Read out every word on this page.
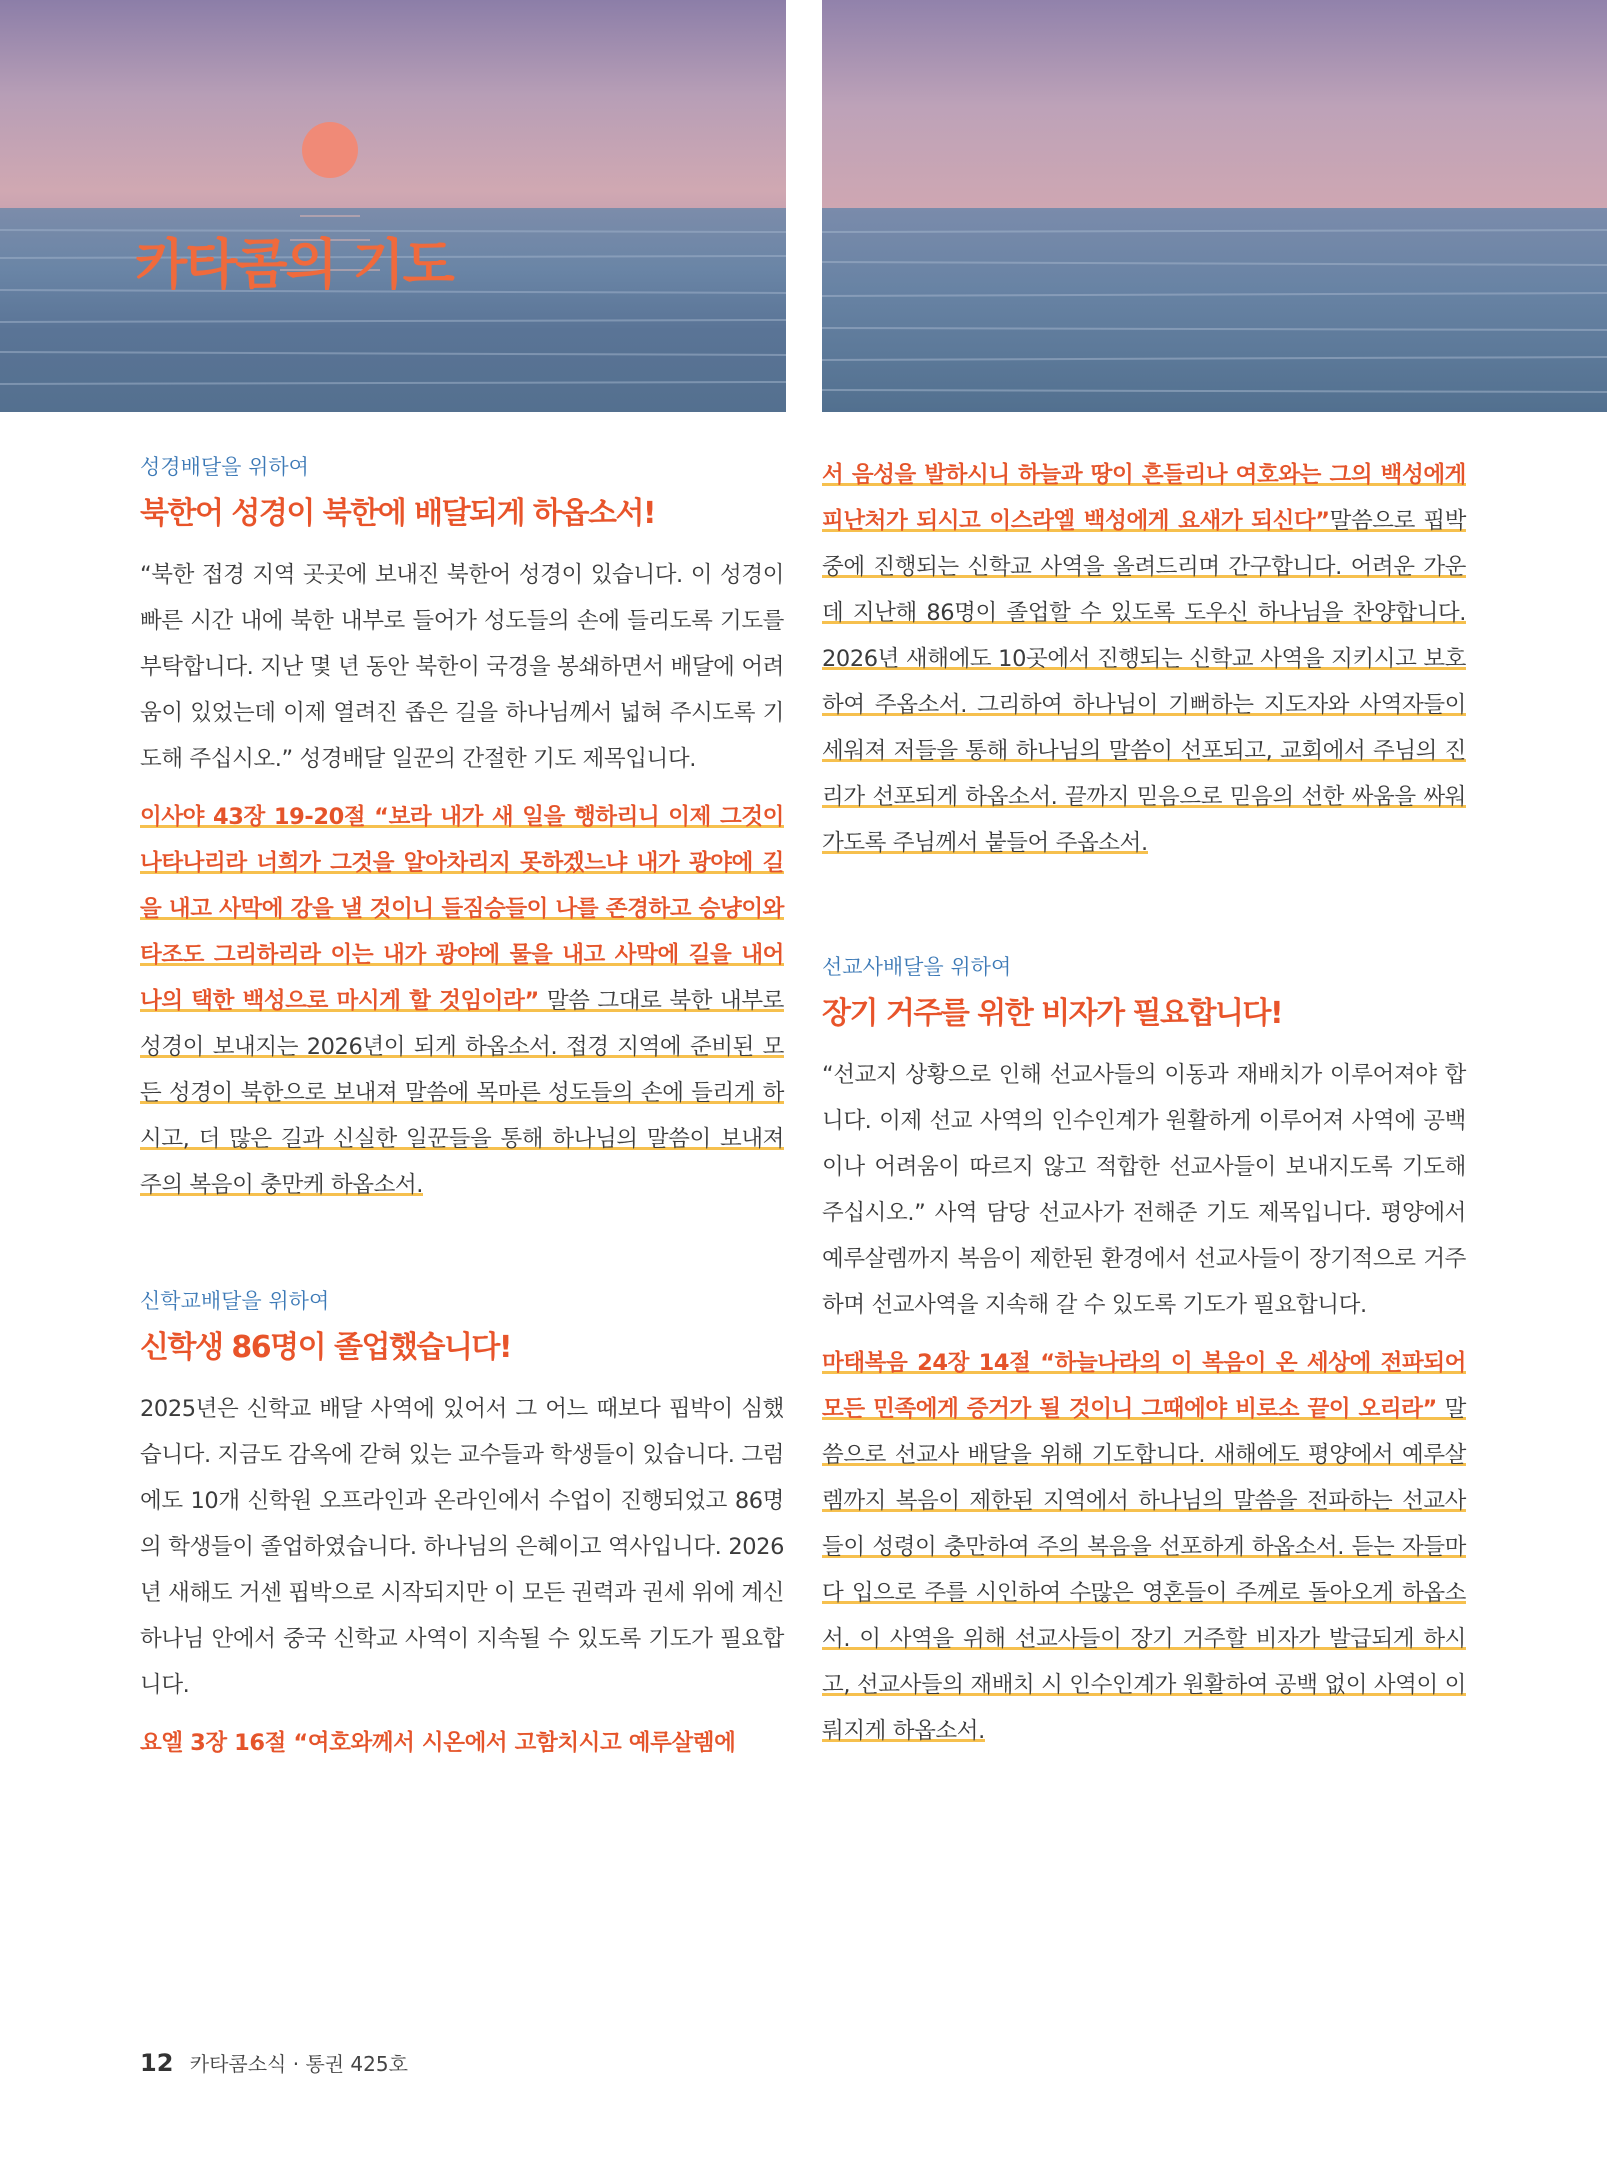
카타콤의 기도

성경배달을 위하여

북한어 성경이 북한에 배달되게 하옵소서!

“북한 접경 지역 곳곳에 보내진 북한어 성경이 있습니다. 이 성경이 빠른 시간 내에 북한 내부로 들어가 성도들의 손에 들리도록 기도를 부탁합니다. 지난 몇 년 동안 북한이 국경을 봉쇄하면서 배달에 어려움이 있었는데 이제 열려진 좁은 길을 하나님께서 넓혀 주시도록 기도해 주십시오.” 성경배달 일꾼의 간절한 기도 제목입니다.

이사야 43장 19-20절 “보라 내가 새 일을 행하리니 이제 그것이 나타나리라 너희가 그것을 알아차리지 못하겠느냐 내가 광야에 길을 내고 사막에 강을 낼 것이니 들짐승들이 나를 존경하고 승냥이와 타조도 그리하리라 이는 내가 광야에 물을 내고 사막에 길을 내어 나의 택한 백성으로 마시게 할 것임이라” 말씀 그대로 북한 내부로 성경이 보내지는 2026년이 되게 하옵소서. 접경 지역에 준비된 모든 성경이 북한으로 보내져 말씀에 목마른 성도들의 손에 들리게 하시고, 더 많은 길과 신실한 일꾼들을 통해 하나님의 말씀이 보내져 주의 복음이 충만케 하옵소서.

신학교배달을 위하여

신학생 86명이 졸업했습니다!

2025년은 신학교 배달 사역에 있어서 그 어느 때보다 핍박이 심했습니다. 지금도 감옥에 갇혀 있는 교수들과 학생들이 있습니다. 그럼에도 10개 신학원 오프라인과 온라인에서 수업이 진행되었고 86명의 학생들이 졸업하였습니다. 하나님의 은혜이고 역사입니다. 2026년 새해도 거센 핍박으로 시작되지만 이 모든 권력과 권세 위에 계신 하나님 안에서 중국 신학교 사역이 지속될 수 있도록 기도가 필요합니다.

요엘 3장 16절 “여호와께서 시온에서 고함치시고 예루살렘에

서 음성을 발하시니 하늘과 땅이 흔들리나 여호와는 그의 백성에게 피난처가 되시고 이스라엘 백성에게 요새가 되신다”말씀으로 핍박 중에 진행되는 신학교 사역을 올려드리며 간구합니다. 어려운 가운데 지난해 86명이 졸업할 수 있도록 도우신 하나님을 찬양합니다. 2026년 새해에도 10곳에서 진행되는 신학교 사역을 지키시고 보호하여 주옵소서. 그리하여 하나님이 기뻐하는 지도자와 사역자들이 세워져 저들을 통해 하나님의 말씀이 선포되고, 교회에서 주님의 진리가 선포되게 하옵소서. 끝까지 믿음으로 믿음의 선한 싸움을 싸워가도록 주님께서 붙들어 주옵소서.

선교사배달을 위하여

장기 거주를 위한 비자가 필요합니다!

“선교지 상황으로 인해 선교사들의 이동과 재배치가 이루어져야 합니다. 이제 선교 사역의 인수인계가 원활하게 이루어져 사역에 공백이나 어려움이 따르지 않고 적합한 선교사들이 보내지도록 기도해 주십시오.” 사역 담당 선교사가 전해준 기도 제목입니다. 평양에서 예루살렘까지 복음이 제한된 환경에서 선교사들이 장기적으로 거주하며 선교사역을 지속해 갈 수 있도록 기도가 필요합니다.

마태복음 24장 14절 “하늘나라의 이 복음이 온 세상에 전파되어 모든 민족에게 증거가 될 것이니 그때에야 비로소 끝이 오리라” 말씀으로 선교사 배달을 위해 기도합니다. 새해에도 평양에서 예루살렘까지 복음이 제한된 지역에서 하나님의 말씀을 전파하는 선교사들이 성령이 충만하여 주의 복음을 선포하게 하옵소서. 듣는 자들마다 입으로 주를 시인하여 수많은 영혼들이 주께로 돌아오게 하옵소서. 이 사역을 위해 선교사들이 장기 거주할 비자가 발급되게 하시고, 선교사들의 재배치 시 인수인계가 원활하여 공백 없이 사역이 이뤄지게 하옵소서.

12 카타콤소식 · 통권 425호
